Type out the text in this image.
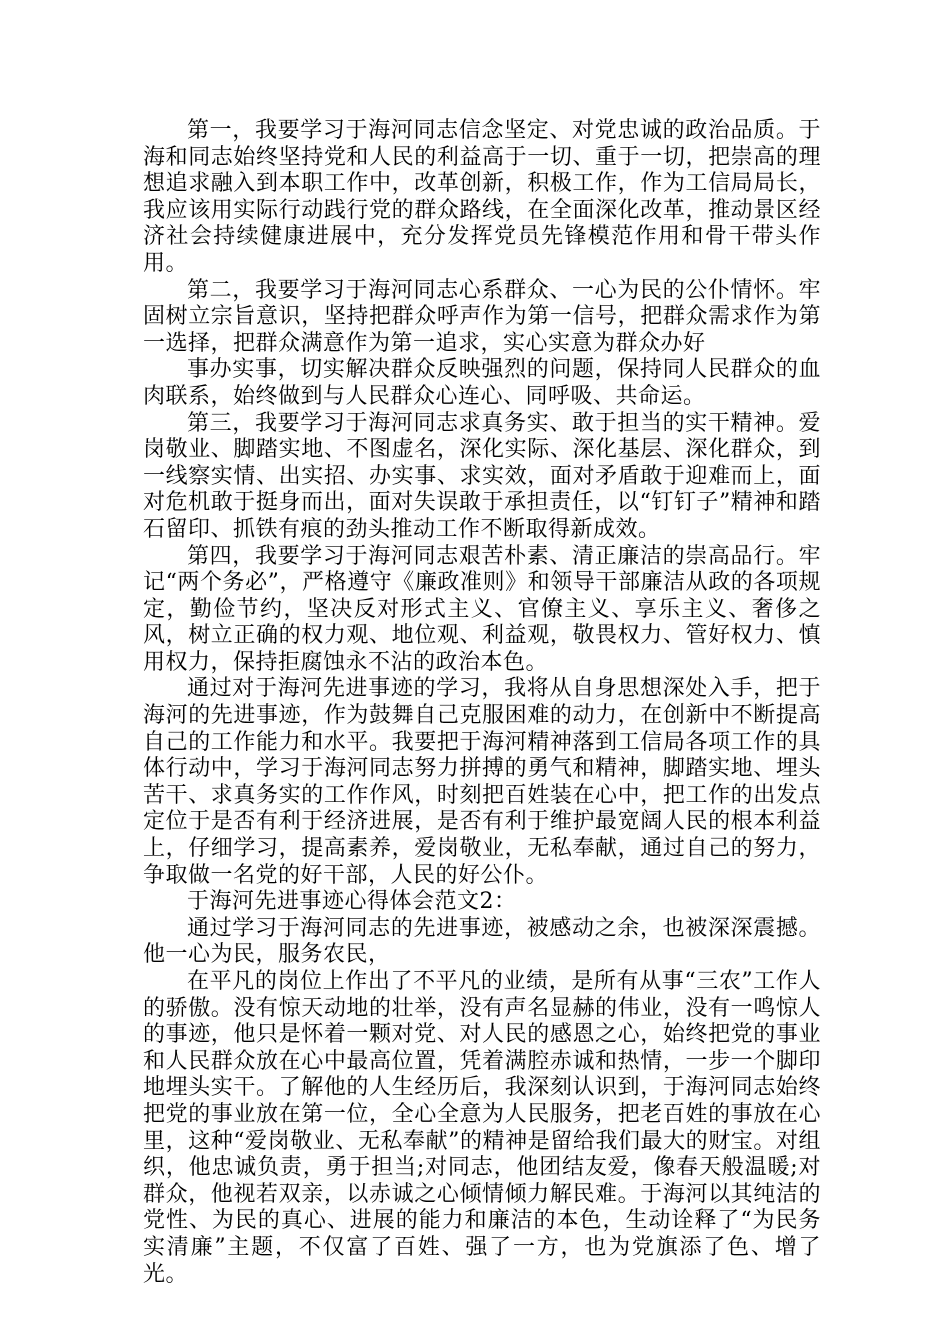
第一，我要学习于海河同志信念坚定、对党忠诚的政治品质。于海和同志始终坚持党和人民的利益高于一切、重于一切，把崇高的理想追求融入到本职工作中，改革创新，积极工作，作为工信局局长，我应该用实际行动践行党的群众路线，在全面深化改革，推动景区经济社会持续健康进展中，充分发挥党员先锋模范作用和骨干带头作用。

第二，我要学习于海河同志心系群众、一心为民的公仆情怀。牢固树立宗旨意识，坚持把群众呼声作为第一信号，把群众需求作为第一选择，把群众满意作为第一追求，实心实意为群众办好

事办实事，切实解决群众反映强烈的问题，保持同人民群众的血肉联系，始终做到与人民群众心连心、同呼吸、共命运。

第三，我要学习于海河同志求真务实、敢于担当的实干精神。爱岗敬业、脚踏实地、不图虚名，深化实际、深化基层、深化群众，到一线察实情、出实招、办实事、求实效，面对矛盾敢于迎难而上，面对危机敢于挺身而出，面对失误敢于承担责任，以“钉钉子”精神和踏石留印、抓铁有痕的劲头推动工作不断取得新成效。

第四，我要学习于海河同志艰苦朴素、清正廉洁的崇高品行。牢记“两个务必”，严格遵守《廉政准则》和领导干部廉洁从政的各项规定，勤俭节约，坚决反对形式主义、官僚主义、享乐主义、奢侈之风，树立正确的权力观、地位观、利益观，敬畏权力、管好权力、慎用权力，保持拒腐蚀永不沾的政治本色。

通过对于海河先进事迹的学习，我将从自身思想深处入手，把于海河的先进事迹，作为鼓舞自己克服困难的动力，在创新中不断提高自己的工作能力和水平。我要把于海河精神落到工信局各项工作的具体行动中，学习于海河同志努力拼搏的勇气和精神，脚踏实地、埋头苦干、求真务实的工作作风，时刻把百姓装在心中，把工作的出发点定位于是否有利于经济进展，是否有利于维护最宽阔人民的根本利益上，仔细学习，提高素养，爱岗敬业，无私奉献，通过自己的努力，争取做一名党的好干部，人民的好公仆。

于海河先进事迹心得体会范文2：

通过学习于海河同志的先进事迹，被感动之余，也被深深震撼。他一心为民，服务农民，

在平凡的岗位上作出了不平凡的业绩，是所有从事“三农”工作人的骄傲。没有惊天动地的壮举，没有声名显赫的伟业，没有一鸣惊人的事迹，他只是怀着一颗对党、对人民的感恩之心，始终把党的事业和人民群众放在心中最高位置，凭着满腔赤诚和热情，一步一个脚印地埋头实干。了解他的人生经历后，我深刻认识到，于海河同志始终把党的事业放在第一位，全心全意为人民服务，把老百姓的事放在心里，这种“爱岗敬业、无私奉献”的精神是留给我们最大的财宝。对组织，他忠诚负责，勇于担当;对同志，他团结友爱，像春天般温暖;对群众，他视若双亲，以赤诚之心倾情倾力解民难。于海河以其纯洁的党性、为民的真心、进展的能力和廉洁的本色，生动诠释了“为民务实清廉”主题，不仅富了百姓、强了一方，也为党旗添了色、增了光。
